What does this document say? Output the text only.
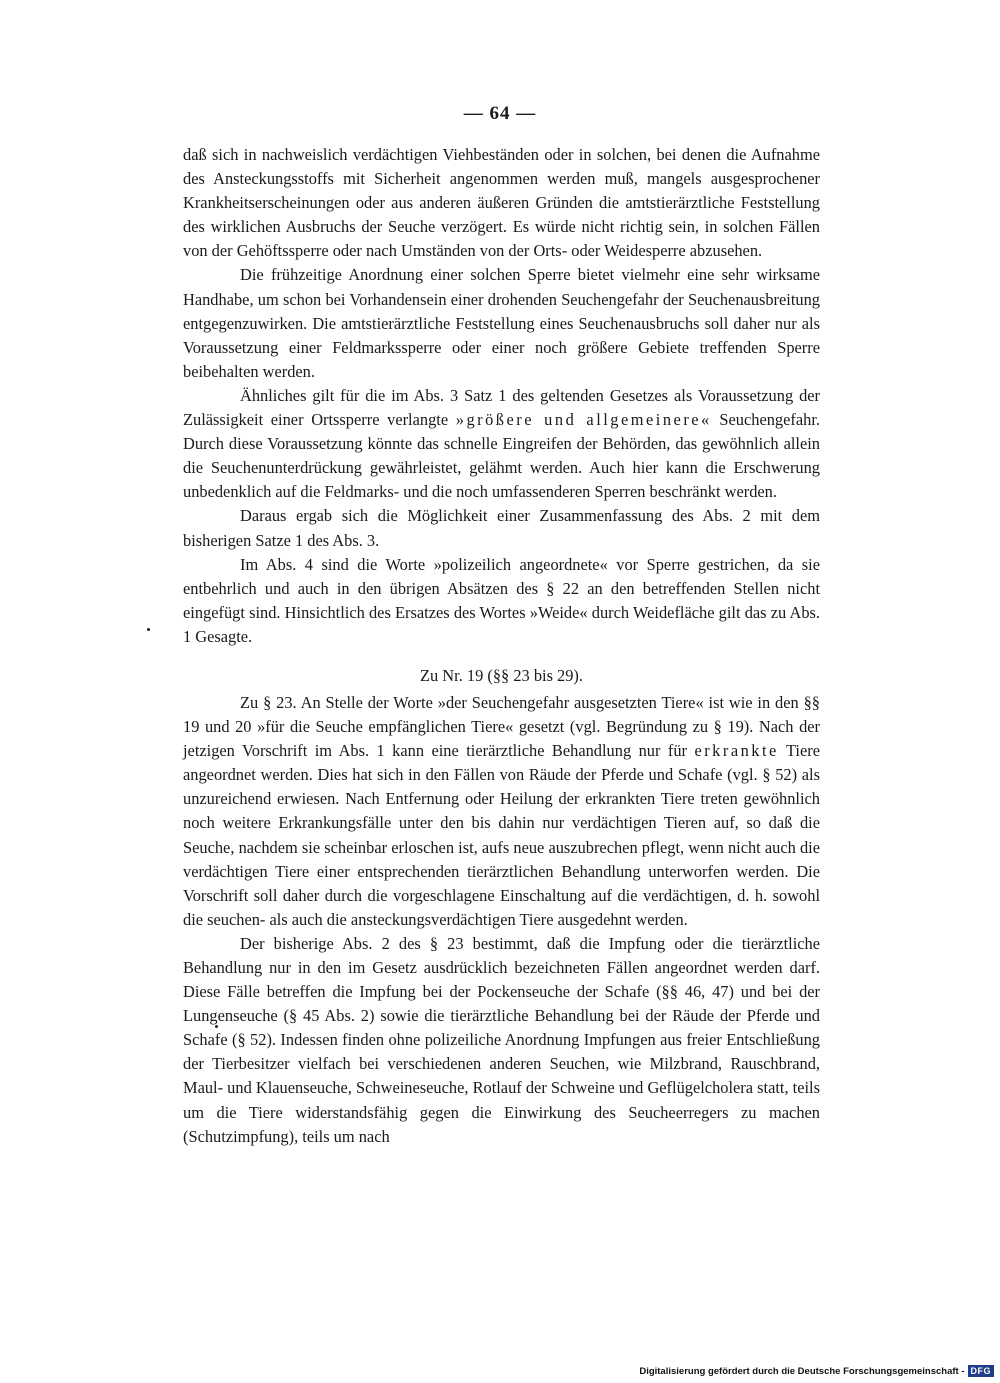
— 64 —

daß sich in nachweislich verdächtigen Viehbeständen oder in solchen, bei denen die Aufnahme des Ansteckungsstoffs mit Sicherheit angenommen werden muß, mangels ausgesprochener Krankheitserscheinungen oder aus anderen äußeren Gründen die amtstierärztliche Feststellung des wirklichen Ausbruchs der Seuche verzögert. Es würde nicht richtig sein, in solchen Fällen von der Gehöftssperre oder nach Umständen von der Orts- oder Weidesperre abzusehen.

Die frühzeitige Anordnung einer solchen Sperre bietet vielmehr eine sehr wirksame Handhabe, um schon bei Vorhandensein einer drohenden Seuchengefahr der Seuchenausbreitung entgegenzuwirken. Die amtstierärztliche Feststellung eines Seuchenausbruchs soll daher nur als Voraussetzung einer Feldmarkssperre oder einer noch größere Gebiete treffenden Sperre beibehalten werden.

Ähnliches gilt für die im Abs. 3 Satz 1 des geltenden Gesetzes als Voraussetzung der Zulässigkeit einer Ortssperre verlangte »größere und allgemeinere« Seuchengefahr. Durch diese Voraussetzung könnte das schnelle Eingreifen der Behörden, das gewöhnlich allein die Seuchenunterdrückung gewährleistet, gelähmt werden. Auch hier kann die Erschwerung unbedenklich auf die Feldmarks- und die noch umfassenderen Sperren beschränkt werden.

Daraus ergab sich die Möglichkeit einer Zusammenfassung des Abs. 2 mit dem bisherigen Satze 1 des Abs. 3.

Im Abs. 4 sind die Worte »polizeilich angeordnete« vor Sperre gestrichen, da sie entbehrlich und auch in den übrigen Absätzen des § 22 an den betreffenden Stellen nicht eingefügt sind. Hinsichtlich des Ersatzes des Wortes »Weide« durch Weidefläche gilt das zu Abs. 1 Gesagte.

Zu Nr. 19 (§§ 23 bis 29).

Zu § 23. An Stelle der Worte »der Seuchengefahr ausgesetzten Tiere« ist wie in den §§ 19 und 20 »für die Seuche empfänglichen Tiere« gesetzt (vgl. Begründung zu § 19). Nach der jetzigen Vorschrift im Abs. 1 kann eine tierärztliche Behandlung nur für erkrankte Tiere angeordnet werden. Dies hat sich in den Fällen von Räude der Pferde und Schafe (vgl. § 52) als unzureichend erwiesen. Nach Entfernung oder Heilung der erkrankten Tiere treten gewöhnlich noch weitere Erkrankungsfälle unter den bis dahin nur verdächtigen Tieren auf, so daß die Seuche, nachdem sie scheinbar erloschen ist, aufs neue auszubrechen pflegt, wenn nicht auch die verdächtigen Tiere einer entsprechenden tierärztlichen Behandlung unterworfen werden. Die Vorschrift soll daher durch die vorgeschlagene Einschaltung auf die verdächtigen, d. h. sowohl die seuchen- als auch die ansteckungsverdächtigen Tiere ausgedehnt werden.

Der bisherige Abs. 2 des § 23 bestimmt, daß die Impfung oder die tierärztliche Behandlung nur in den im Gesetz ausdrücklich bezeichneten Fällen angeordnet werden darf. Diese Fälle betreffen die Impfung bei der Pockenseuche der Schafe (§§ 46, 47) und bei der Lungenseuche (§ 45 Abs. 2) sowie die tierärztliche Behandlung bei der Räude der Pferde und Schafe (§ 52). Indessen finden ohne polizeiliche Anordnung Impfungen aus freier Entschließung der Tierbesitzer vielfach bei verschiedenen anderen Seuchen, wie Milzbrand, Rauschbrand, Maul- und Klauenseuche, Schweineseuche, Rotlauf der Schweine und Geflügelcholera statt, teils um die Tiere widerstandsfähig gegen die Einwirkung des Seucheerregers zu machen (Schutzimpfung), teils um nach

Digitalisierung gefördert durch die Deutsche Forschungsgemeinschaft - DFG
